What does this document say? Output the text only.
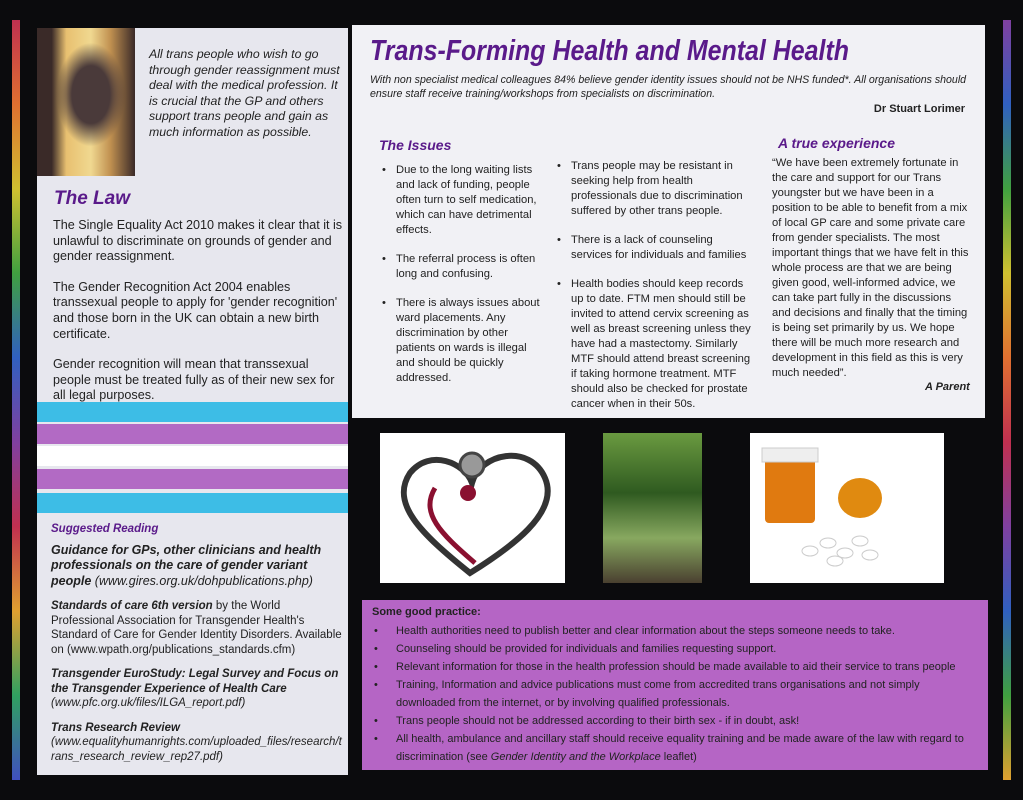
All trans people who wish to go through gender reassignment must deal with the medical profession. It is crucial that the GP and others support trans people and gain as much information as possible.
The Law

The Single Equality Act 2010 makes it clear that it is unlawful to discriminate on grounds of gender and gender reassignment.

The Gender Recognition Act 2004 enables transsexual people to apply for 'gender recognition' and those born in the UK can obtain a new birth certificate.

Gender recognition will mean that transsexual people must be treated fully as of their new sex for all legal purposes.

Suggested Reading
Guidance for GPs, other clinicians and health professionals on the care of gender variant people (www.gires.org.uk/dohpublications.php)
Standards of care 6th version by the World Professional Association for Transgender Health's Standard of Care for Gender Identity Disorders. Available on (www.wpath.org/publications_standards.cfm)
Transgender EuroStudy: Legal Survey and Focus on the Transgender Experience of Health Care (www.pfc.org.uk/files/ILGA_report.pdf)
Trans Research Review
(www.equalityhumanrights.com/uploaded_files/research/trans_research_review_rep27.pdf)
Trans-Forming Health and Mental Health
With non specialist medical colleagues 84% believe gender identity issues should not be NHS funded*. All organisations should ensure staff receive training/workshops from specialists on discrimination.
Dr Stuart Lorimer
The Issues
• Due to the long waiting lists and lack of funding, people often turn to self medication, which can have detrimental effects.
• The referral process is often long and confusing.
• There is always issues about ward placements. Any discrimination by other patients on wards is illegal and should be quickly addressed.
• Trans people may be resistant in seeking help from health professionals due to discrimination suffered by other trans people.
• There is a lack of counseling services for individuals and families
• Health bodies should keep records up to date. FTM men should still be invited to attend cervix screening as well as breast screening unless they have had a mastectomy. Similarly MTF should attend breast screening if taking hormone treatment. MTF should also be checked for prostate cancer when in their 50s.
A true experience
“We have been extremely fortunate in the care and support for our Trans youngster but we have been in a position to be able to benefit from a mix of local GP care and some private care from gender specialists. The most important things that we have felt in this whole process are that we are being given good, well-informed advice, we can take part fully in the discussions and decisions and finally that the timing is being set primarily by us. We hope there will be much more research and development in this field as this is very much needed”.
A Parent
Some good practice:
• Health authorities need to publish better and clear information about the steps someone needs to take.
• Counseling should be provided for individuals and families requesting support.
• Relevant information for those in the health profession should be made available to aid their service to trans people
• Training, Information and advice publications must come from accredited trans organisations and not simply downloaded from the internet, or by involving qualified professionals.
• Trans people should not be addressed according to their birth sex - if in doubt, ask!
• All health, ambulance and ancillary staff should receive equality training and be made aware of the law with regard to discrimination (see Gender Identity and the Workplace leaflet)
